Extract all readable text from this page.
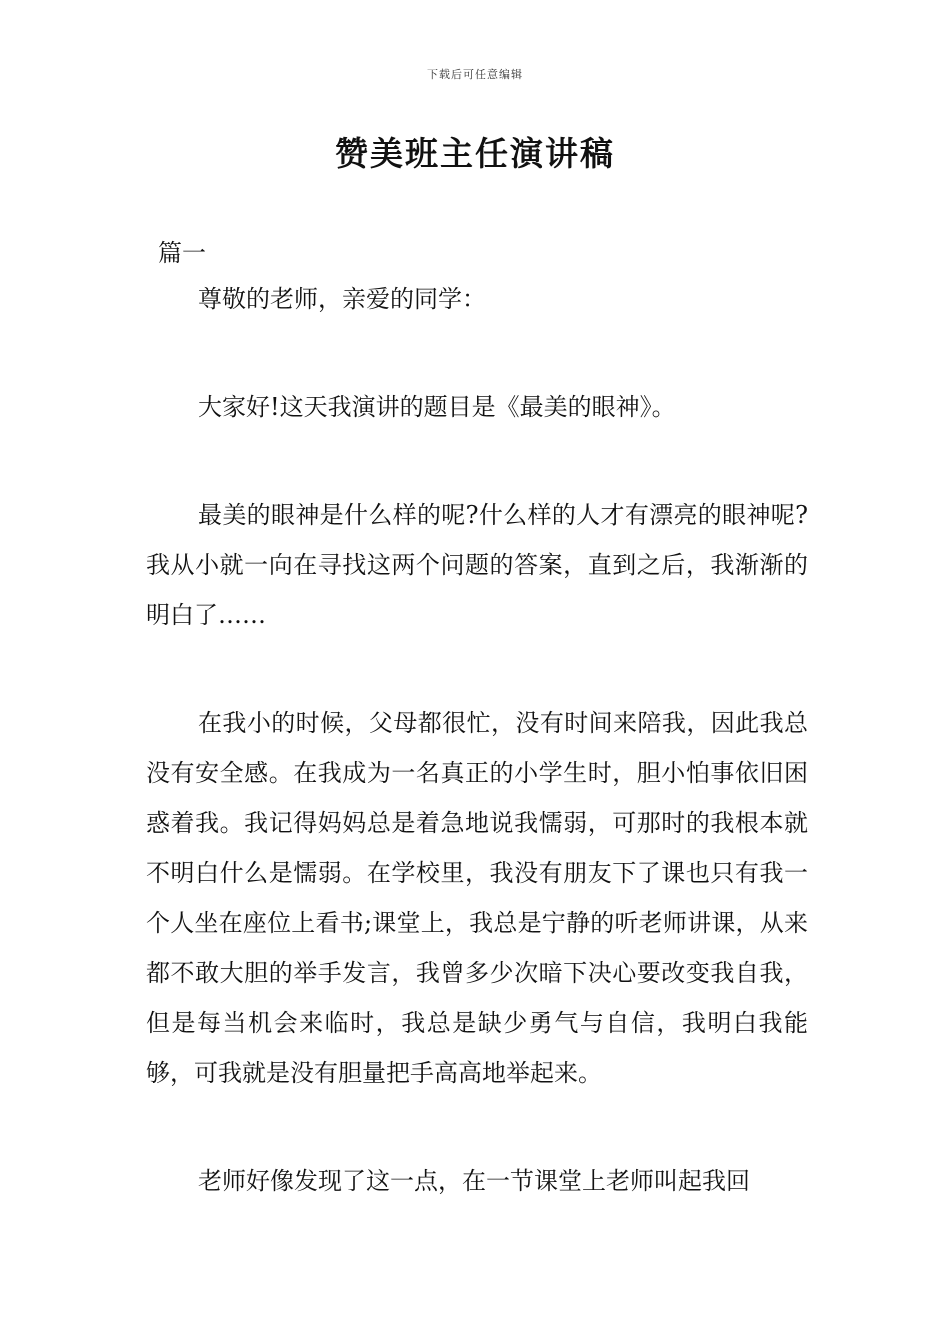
下载后可任意编辑
赞美班主任演讲稿
篇一

尊敬的老师，亲爱的同学：

大家好!这天我演讲的题目是《最美的眼神》。

最美的眼神是什么样的呢?什么样的人才有漂亮的眼神呢?我从小就一向在寻找这两个问题的答案，直到之后，我渐渐的明白了……

在我小的时候，父母都很忙，没有时间来陪我，因此我总没有安全感。在我成为一名真正的小学生时，胆小怕事依旧困惑着我。我记得妈妈总是着急地说我懦弱，可那时的我根本就不明白什么是懦弱。在学校里，我没有朋友下了课也只有我一个人坐在座位上看书;课堂上，我总是宁静的听老师讲课，从来都不敢大胆的举手发言，我曾多少次暗下决心要改变我自我，但是每当机会来临时，我总是缺少勇气与自信，我明白我能够，可我就是没有胆量把手高高地举起来。

老师好像发现了这一点，在一节课堂上老师叫起我回
